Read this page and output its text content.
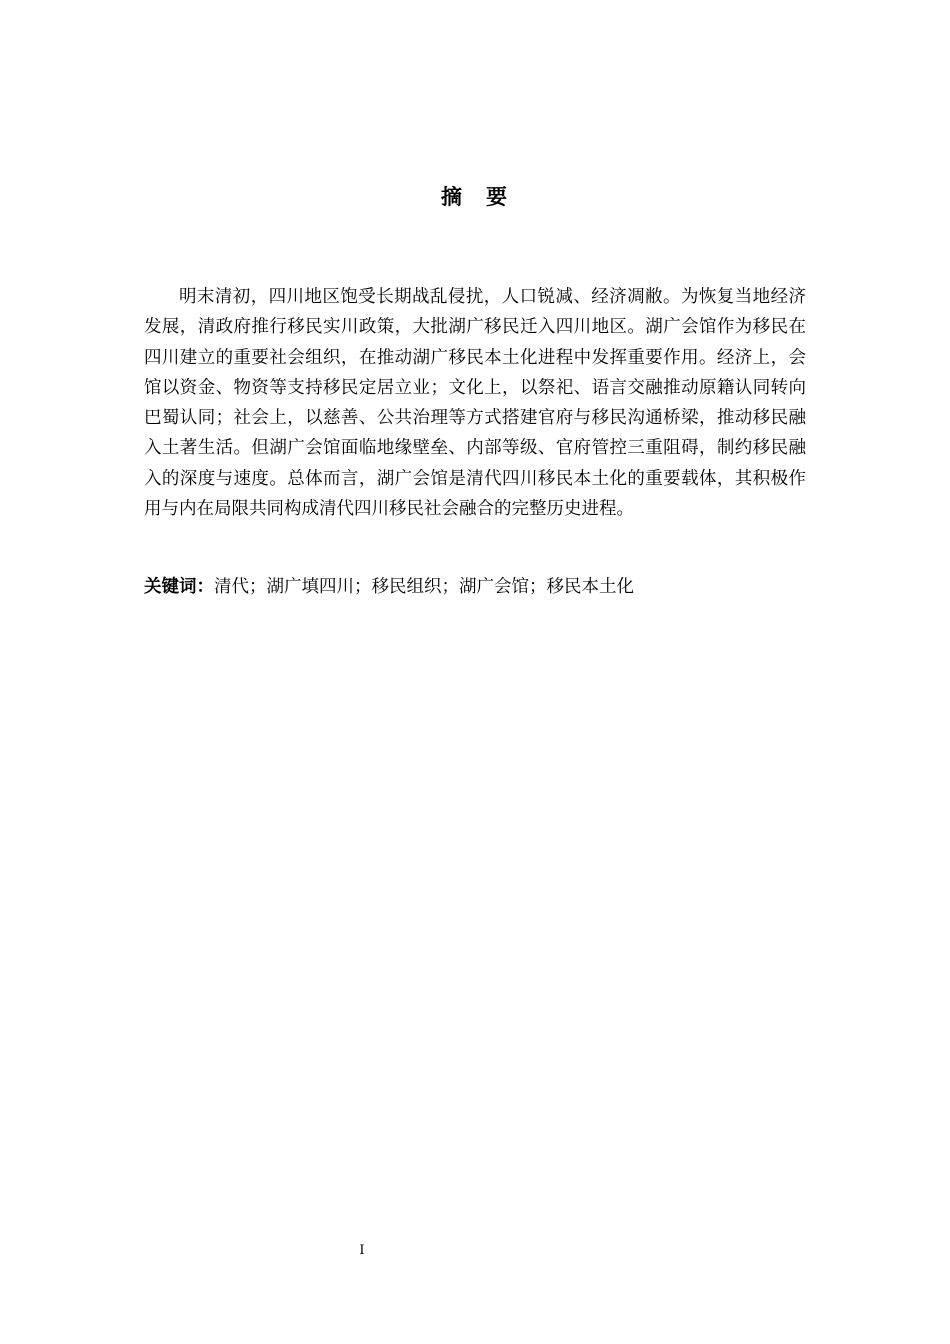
摘 要

明末清初，四川地区饱受长期战乱侵扰，人口锐减、经济凋敝。为恢复当地经济发展，清政府推行移民实川政策，大批湖广移民迁入四川地区。湖广会馆作为移民在四川建立的重要社会组织，在推动湖广移民本土化进程中发挥重要作用。经济上，会馆以资金、物资等支持移民定居立业；文化上，以祭祀、语言交融推动原籍认同转向巴蜀认同；社会上，以慈善、公共治理等方式搭建官府与移民沟通桥梁，推动移民融入土著生活。但湖广会馆面临地缘壁垒、内部等级、官府管控三重阻碍，制约移民融入的深度与速度。总体而言，湖广会馆是清代四川移民本土化的重要载体，其积极作用与内在局限共同构成清代四川移民社会融合的完整历史进程。

关键词：清代；湖广填四川；移民组织；湖广会馆；移民本土化

I
